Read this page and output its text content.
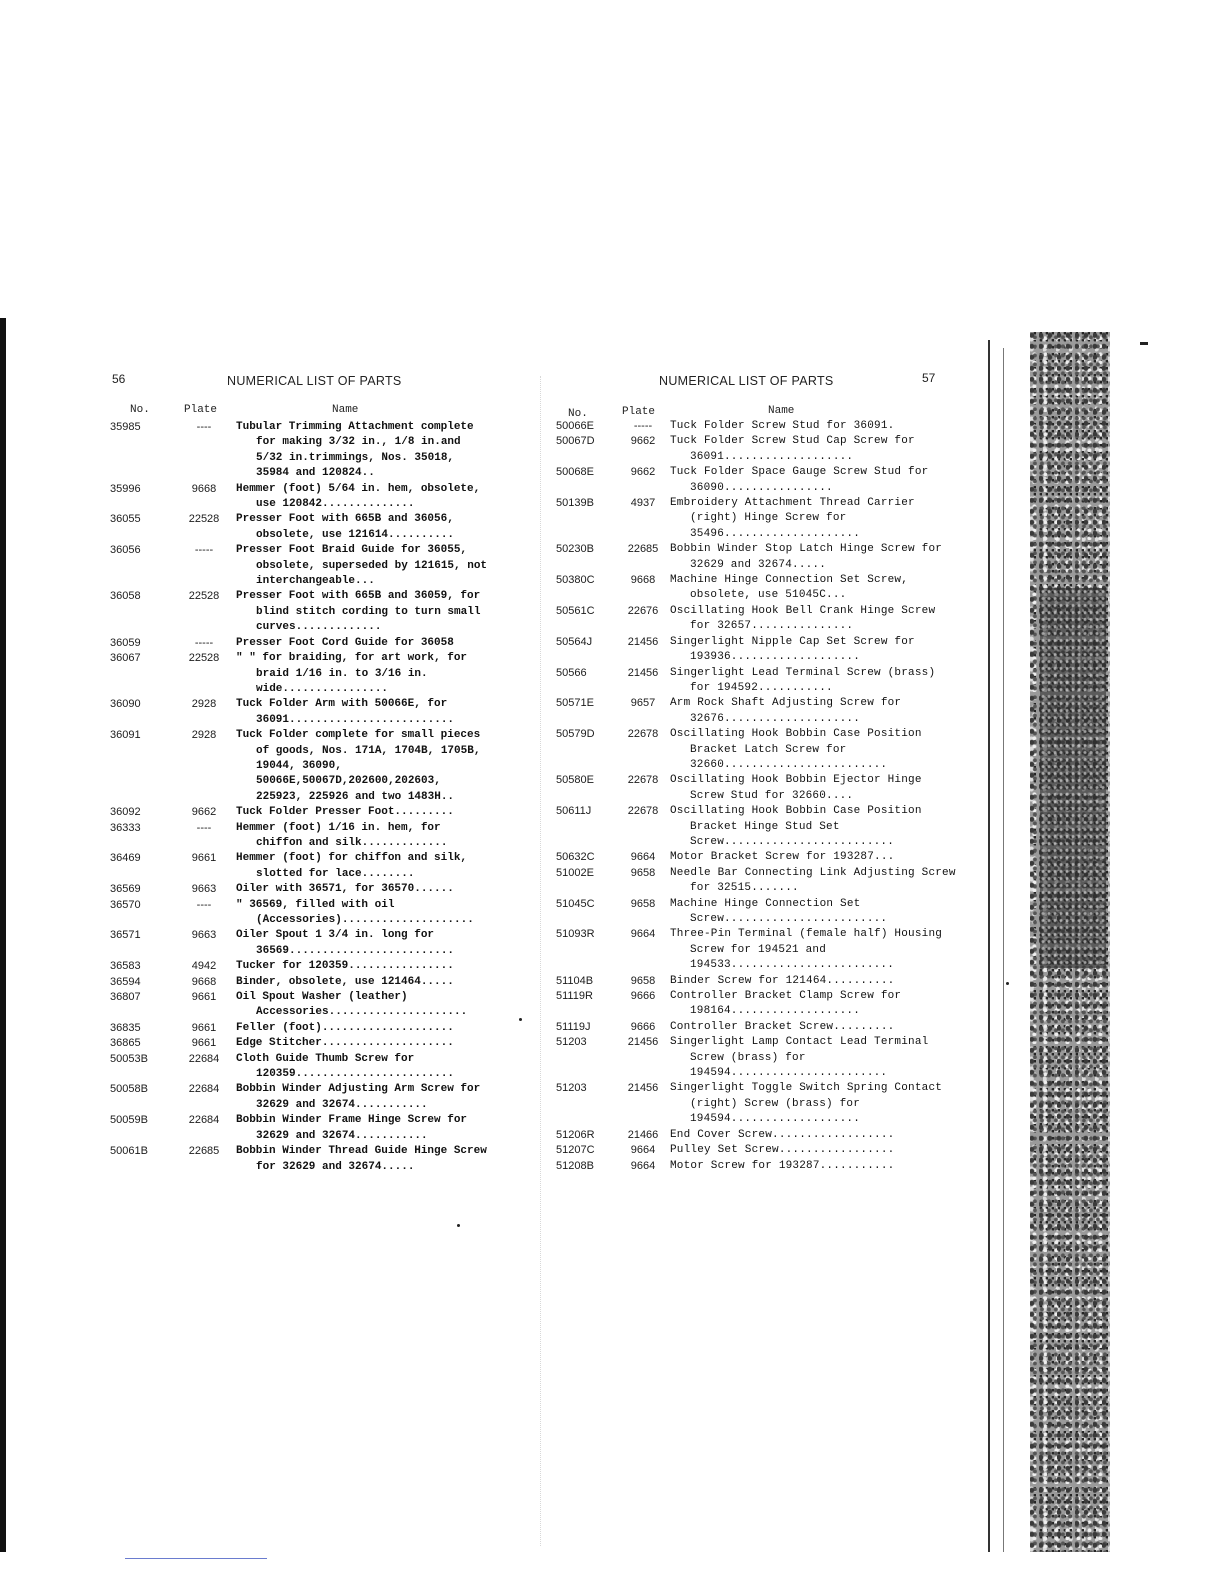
56	NUMERICAL LIST OF PARTS
No.	Plate	Name
35985	----	Tubular Trimming Attachment complete for making 3/32 in., 1/8 in.and 5/32 in.trimmings, Nos. 35018, 35984 and 120824..
35996	9668	Hemmer (foot) 5/64 in. hem, obsolete, use 120842..............
36055	22528	Presser Foot with 665B and 36056, obsolete, use 121614..........
36056	-----	Presser Foot Braid Guide for 36055, obsolete, superseded by 121615, not interchangeable...
36058	22528	Presser Foot with 665B and 36059, for blind stitch cording to turn small curves.............
36059	-----	Presser Foot Cord Guide for 36058
36067	22528	" " for braiding, for art work, for braid 1/16 in. to 3/16 in. wide................
36090	2928	Tuck Folder Arm with 50066E, for 36091.........................
36091	2928	Tuck Folder complete for small pieces of goods, Nos. 171A, 1704B, 1705B, 19044, 36090, 50066E,50067D,202600,202603, 225923, 225926 and two 1483H..
36092	9662	Tuck Folder Presser Foot.........
36333	----	Hemmer (foot) 1/16 in. hem, for chiffon and silk.............
36469	9661	Hemmer (foot) for chiffon and silk, slotted for lace........
36569	9663	Oiler with 36571, for 36570......
36570	----	" 36569, filled with oil (Accessories)....................
36571	9663	Oiler Spout 1 3/4 in. long for 36569.........................
36583	4942	Tucker for 120359................
36594	9668	Binder, obsolete, use 121464.....
36807	9661	Oil Spout Washer (leather) Accessories.....................
36835	9661	Feller (foot)....................
36865	9661	Edge Stitcher....................
50053B	22684	Cloth Guide Thumb Screw for 120359........................
50058B	22684	Bobbin Winder Adjusting Arm Screw for 32629 and 32674...........
50059B	22684	Bobbin Winder Frame Hinge Screw for 32629 and 32674...........
50061B	22685	Bobbin Winder Thread Guide Hinge Screw for 32629 and 32674.....
57
NUMERICAL LIST OF PARTS
No.	Plate	Name
50066E	-----	Tuck Folder Screw Stud for 36091.
50067D	9662	Tuck Folder Screw Stud Cap Screw for 36091...................
50068E	9662	Tuck Folder Space Gauge Screw Stud for 36090................
50139B	4937	Embroidery Attachment Thread Carrier (right) Hinge Screw for 35496....................
50230B	22685	Bobbin Winder Stop Latch Hinge Screw for 32629 and 32674.....
50380C	9668	Machine Hinge Connection Set Screw, obsolete, use 51045C...
50561C	22676	Oscillating Hook Bell Crank Hinge Screw for 32657...............
50564J	21456	Singerlight Nipple Cap Set Screw for 193936...................
50566	21456	Singerlight Lead Terminal Screw (brass) for 194592...........
50571E	9657	Arm Rock Shaft Adjusting Screw for 32676....................
50579D	22678	Oscillating Hook Bobbin Case Position Bracket Latch Screw for 32660........................
50580E	22678	Oscillating Hook Bobbin Ejector Hinge Screw Stud for 32660....
50611J	22678	Oscillating Hook Bobbin Case Position Bracket Hinge Stud Set Screw.........................
50632C	9664	Motor Bracket Screw for 193287...
51002E	9658	Needle Bar Connecting Link Adjusting Screw for 32515.......
51045C	9658	Machine Hinge Connection Set Screw........................
51093R	9664	Three-Pin Terminal (female half) Housing Screw for 194521 and 194533........................
51104B	9658	Binder Screw for 121464..........
51119R	9666	Controller Bracket Clamp Screw for 198164...................
51119J	9666	Controller Bracket Screw.........
51203	21456	Singerlight Lamp Contact Lead Terminal Screw (brass) for 194594.......................
51203	21456	Singerlight Toggle Switch Spring Contact (right) Screw (brass) for 194594...................
51206R	21466	End Cover Screw..................
51207C	9664	Pulley Set Screw.................
51208B	9664	Motor Screw for 193287...........
